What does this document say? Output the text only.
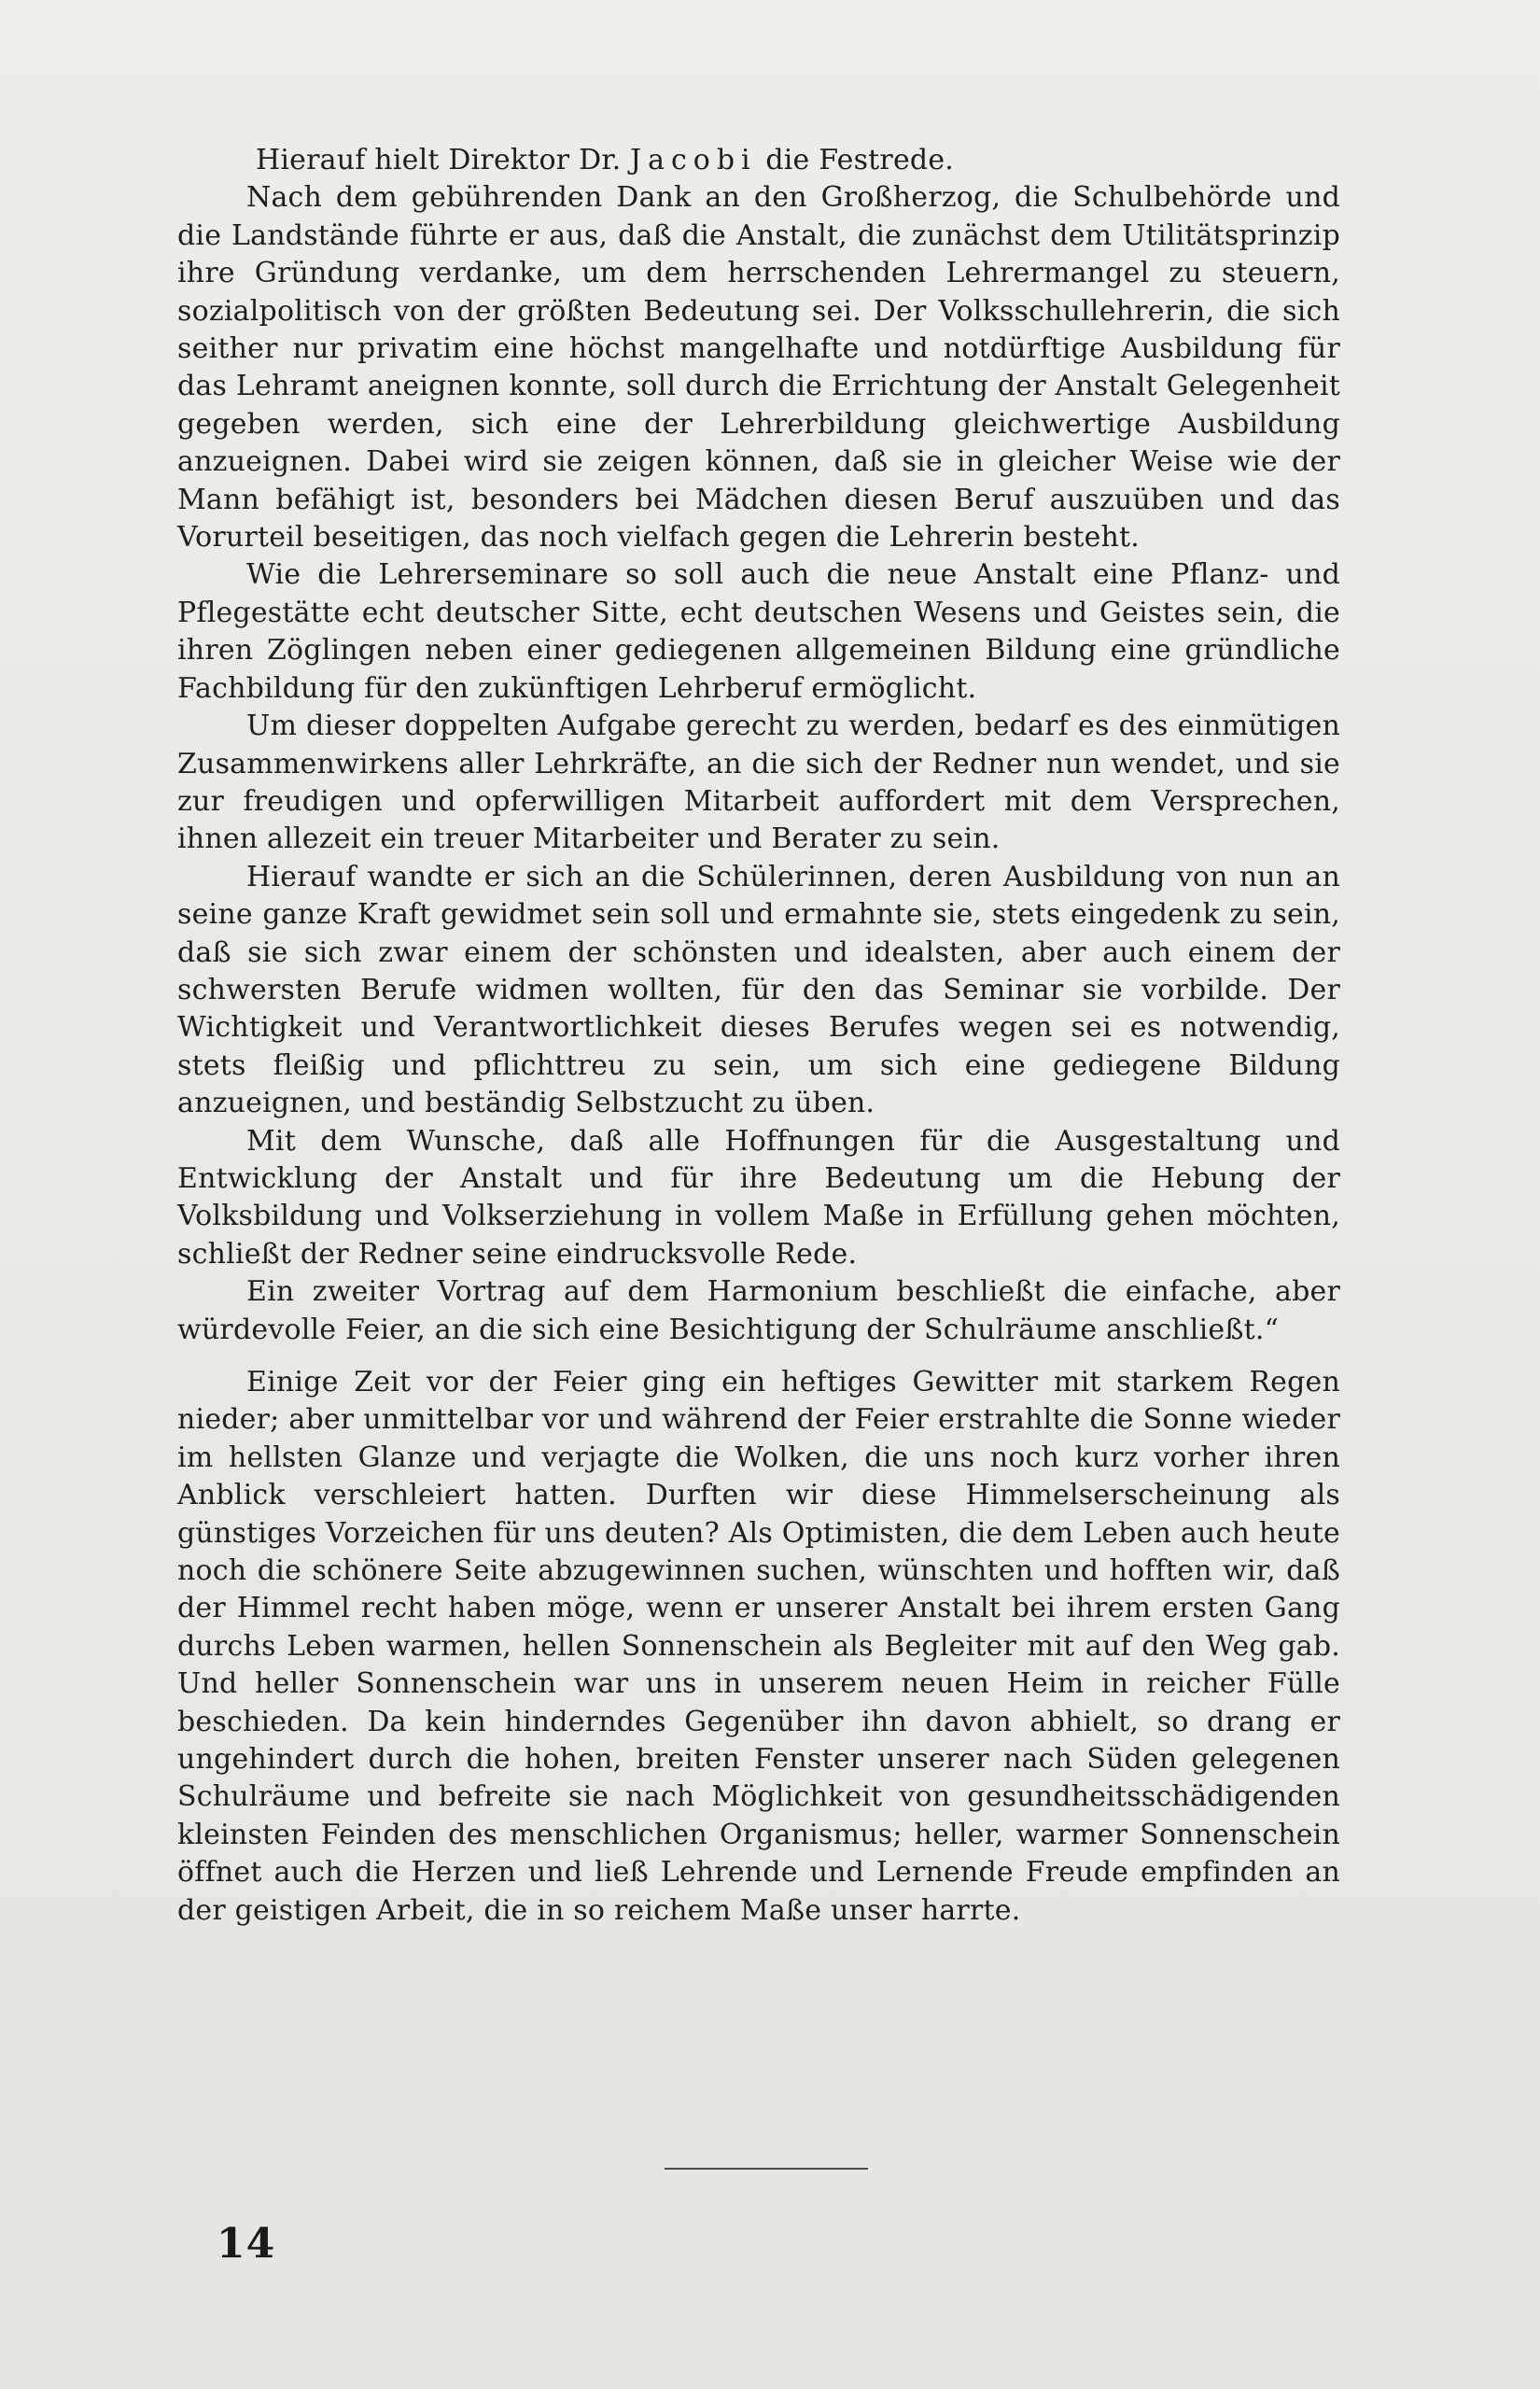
Hierauf hielt Direktor Dr. Jacobi die Festrede.

Nach dem gebührenden Dank an den Großherzog, die Schulbehörde und die Landstände führte er aus, daß die Anstalt, die zunächst dem Utilitätsprinzip ihre Gründung verdanke, um dem herrschenden Lehrermangel zu steuern, sozialpolitisch von der größten Bedeutung sei. Der Volksschullehrerin, die sich seither nur privatim eine höchst mangelhafte und notdürftige Ausbildung für das Lehramt aneignen konnte, soll durch die Errichtung der Anstalt Gelegenheit gegeben werden, sich eine der Lehrerbildung gleichwertige Ausbildung anzueignen. Dabei wird sie zeigen können, daß sie in gleicher Weise wie der Mann befähigt ist, besonders bei Mädchen diesen Beruf auszuüben und das Vorurteil beseitigen, das noch vielfach gegen die Lehrerin besteht.

Wie die Lehrerseminare so soll auch die neue Anstalt eine Pflanz- und Pflegestätte echt deutscher Sitte, echt deutschen Wesens und Geistes sein, die ihren Zöglingen neben einer gediegenen allgemeinen Bildung eine gründliche Fachbildung für den zukünftigen Lehrberuf ermöglicht.

Um dieser doppelten Aufgabe gerecht zu werden, bedarf es des einmütigen Zusammenwirkens aller Lehrkräfte, an die sich der Redner nun wendet, und sie zur freudigen und opferwilligen Mitarbeit auffordert mit dem Versprechen, ihnen allezeit ein treuer Mitarbeiter und Berater zu sein.

Hierauf wandte er sich an die Schülerinnen, deren Ausbildung von nun an seine ganze Kraft gewidmet sein soll und ermahnte sie, stets eingedenk zu sein, daß sie sich zwar einem der schönsten und idealsten, aber auch einem der schwersten Berufe widmen wollten, für den das Seminar sie vorbilde. Der Wichtigkeit und Verantwortlichkeit dieses Berufes wegen sei es notwendig, stets fleißig und pflichttreu zu sein, um sich eine gediegene Bildung anzueignen, und beständig Selbstzucht zu üben.

Mit dem Wunsche, daß alle Hoffnungen für die Ausgestaltung und Entwicklung der Anstalt und für ihre Bedeutung um die Hebung der Volksbildung und Volkserziehung in vollem Maße in Erfüllung gehen möchten, schließt der Redner seine eindrucksvolle Rede.

Ein zweiter Vortrag auf dem Harmonium beschließt die einfache, aber würdevolle Feier, an die sich eine Besichtigung der Schulräume anschließt.“

Einige Zeit vor der Feier ging ein heftiges Gewitter mit starkem Regen nieder; aber unmittelbar vor und während der Feier erstrahlte die Sonne wieder im hellsten Glanze und verjagte die Wolken, die uns noch kurz vorher ihren Anblick verschleiert hatten. Durften wir diese Himmelserscheinung als günstiges Vorzeichen für uns deuten? Als Optimisten, die dem Leben auch heute noch die schönere Seite abzugewinnen suchen, wünschten und hofften wir, daß der Himmel recht haben möge, wenn er unserer Anstalt bei ihrem ersten Gang durchs Leben warmen, hellen Sonnenschein als Begleiter mit auf den Weg gab. Und heller Sonnenschein war uns in unserem neuen Heim in reicher Fülle beschieden. Da kein hinderndes Gegenüber ihn davon abhielt, so drang er ungehindert durch die hohen, breiten Fenster unserer nach Süden gelegenen Schulräume und befreite sie nach Möglichkeit von gesundheitsschädigenden kleinsten Feinden des menschlichen Organismus; heller, warmer Sonnenschein öffnet auch die Herzen und ließ Lehrende und Lernende Freude empfinden an der geistigen Arbeit, die in so reichem Maße unser harrte.

14
